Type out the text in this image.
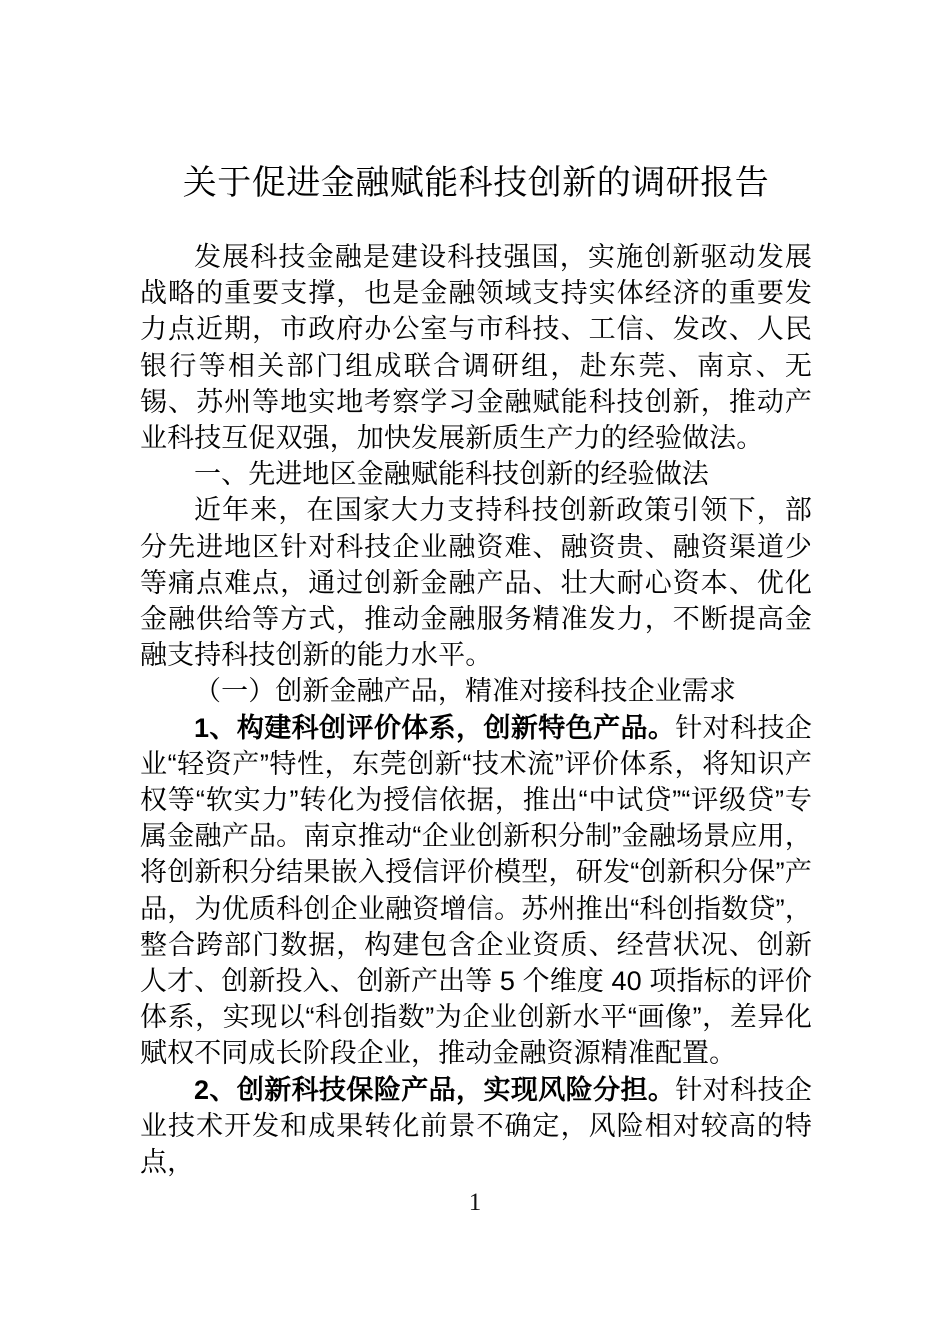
关于促进金融赋能科技创新的调研报告

发展科技金融是建设科技强国，实施创新驱动发展战略的重要支撑，也是金融领域支持实体经济的重要发力点近期，市政府办公室与市科技、工信、发改、人民银行等相关部门组成联合调研组，赴东莞、南京、无锡、苏州等地实地考察学习金融赋能科技创新，推动产业科技互促双强，加快发展新质生产力的经验做法。

一、先进地区金融赋能科技创新的经验做法

近年来，在国家大力支持科技创新政策引领下，部分先进地区针对科技企业融资难、融资贵、融资渠道少等痛点难点，通过创新金融产品、壮大耐心资本、优化金融供给等方式，推动金融服务精准发力，不断提高金融支持科技创新的能力水平。

（一）创新金融产品，精准对接科技企业需求

1、构建科创评价体系，创新特色产品。针对科技企业“轻资产”特性，东莞创新“技术流”评价体系，将知识产权等“软实力”转化为授信依据，推出“中试贷”“评级贷”专属金融产品。南京推动“企业创新积分制”金融场景应用，将创新积分结果嵌入授信评价模型，研发“创新积分保”产品，为优质科创企业融资增信。苏州推出“科创指数贷”，整合跨部门数据，构建包含企业资质、经营状况、创新人才、创新投入、创新产出等 5 个维度 40 项指标的评价体系，实现以“科创指数”为企业创新水平“画像”，差异化赋权不同成长阶段企业，推动金融资源精准配置。

2、创新科技保险产品，实现风险分担。针对科技企业技术开发和成果转化前景不确定，风险相对较高的特点，

1
